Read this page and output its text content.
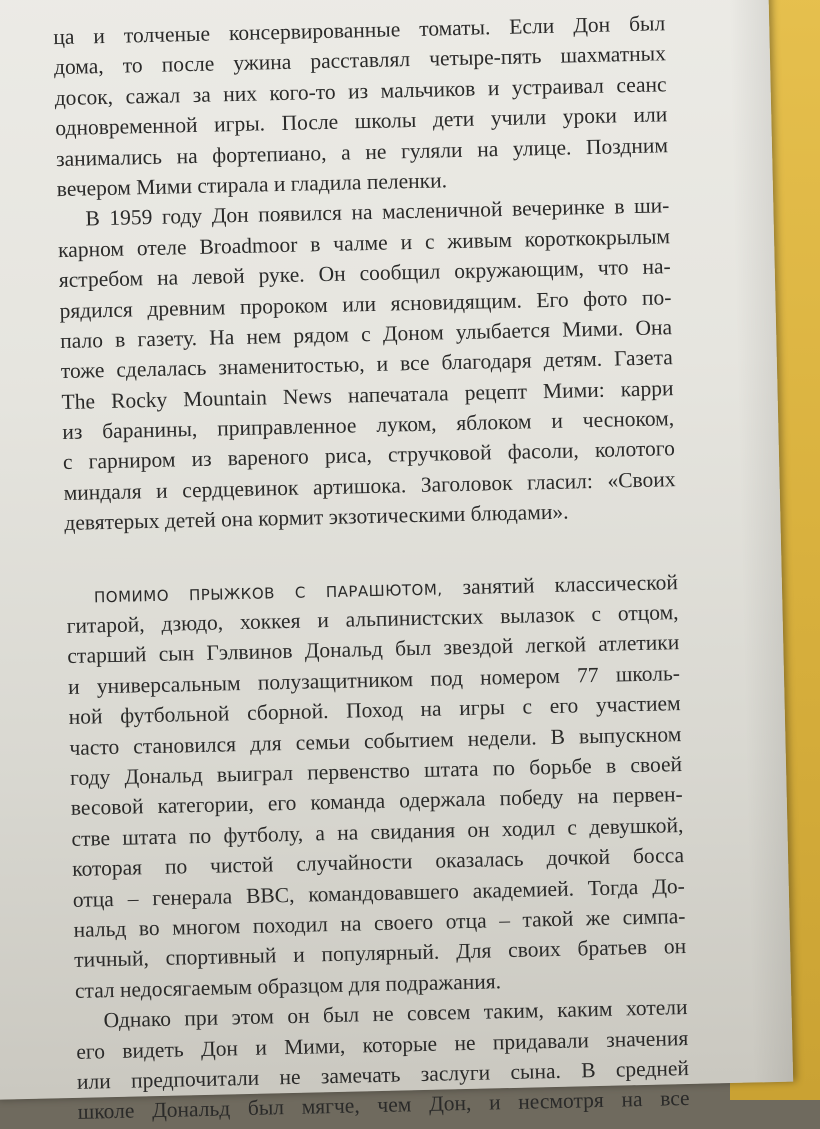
ца и толченые консервированные томаты. Если Дон был
дома, то после ужина расставлял четыре-пять шахматных
досок, сажал за них кого-то из мальчиков и устраивал сеанс
одновременной игры. После школы дети учили уроки или
занимались на фортепиано, а не гуляли на улице. Поздним
вечером Мими стирала и гладила пеленки.
В 1959 году Дон появился на масленичной вечеринке в ши-
карном отеле Broadmoor в чалме и с живым короткокрылым
ястребом на левой руке. Он сообщил окружающим, что на-
рядился древним пророком или ясновидящим. Его фото по-
пало в газету. На нем рядом с Доном улыбается Мими. Она
тоже сделалась знаменитостью, и все благодаря детям. Газета
The Rocky Mountain News напечатала рецепт Мими: карри
из баранины, приправленное луком, яблоком и чесноком,
с гарниром из вареного риса, стручковой фасоли, колотого
миндаля и сердцевинок артишока. Заголовок гласил: «Своих
девятерых детей она кормит экзотическими блюдами».
ПОМИМО ПРЫЖКОВ С ПАРАШЮТОМ, занятий классической
гитарой, дзюдо, хоккея и альпинистских вылазок с отцом,
старший сын Гэлвинов Дональд был звездой легкой атлетики
и универсальным полузащитником под номером 77 школь-
ной футбольной сборной. Поход на игры с его участием
часто становился для семьи событием недели. В выпускном
году Дональд выиграл первенство штата по борьбе в своей
весовой категории, его команда одержала победу на первен-
стве штата по футболу, а на свидания он ходил с девушкой,
которая по чистой случайности оказалась дочкой босса
отца – генерала ВВС, командовавшего академией. Тогда До-
нальд во многом походил на своего отца – такой же симпа-
тичный, спортивный и популярный. Для своих братьев он
стал недосягаемым образцом для подражания.
Однако при этом он был не совсем таким, каким хотели
его видеть Дон и Мими, которые не придавали значения
или предпочитали не замечать заслуги сына. В средней
школе Дональд был мягче, чем Дон, и несмотря на все
